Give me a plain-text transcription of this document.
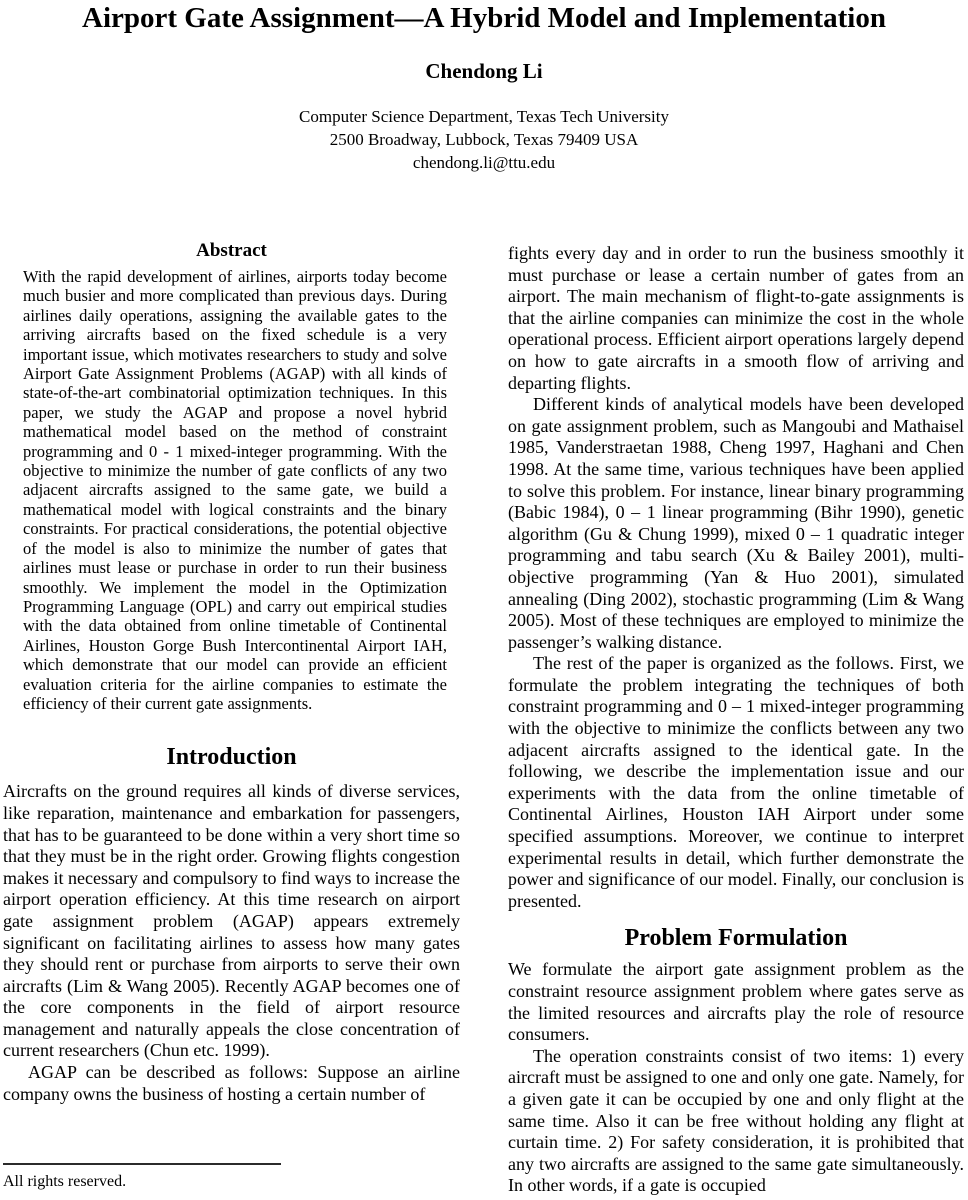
Airport Gate Assignment—A Hybrid Model and Implementation
Chendong Li
Computer Science Department, Texas Tech University
2500 Broadway, Lubbock, Texas 79409 USA
chendong.li@ttu.edu
Abstract
With the rapid development of airlines, airports today become much busier and more complicated than previous days. During airlines daily operations, assigning the available gates to the arriving aircrafts based on the fixed schedule is a very important issue, which motivates researchers to study and solve Airport Gate Assignment Problems (AGAP) with all kinds of state-of-the-art combinatorial optimization techniques. In this paper, we study the AGAP and propose a novel hybrid mathematical model based on the method of constraint programming and 0 - 1 mixed-integer programming. With the objective to minimize the number of gate conflicts of any two adjacent aircrafts assigned to the same gate, we build a mathematical model with logical constraints and the binary constraints. For practical considerations, the potential objective of the model is also to minimize the number of gates that airlines must lease or purchase in order to run their business smoothly. We implement the model in the Optimization Programming Language (OPL) and carry out empirical studies with the data obtained from online timetable of Continental Airlines, Houston Gorge Bush Intercontinental Airport IAH, which demonstrate that our model can provide an efficient evaluation criteria for the airline companies to estimate the efficiency of their current gate assignments.
Introduction

Aircrafts on the ground requires all kinds of diverse services, like reparation, maintenance and embarkation for passengers, that has to be guaranteed to be done within a very short time so that they must be in the right order. Growing flights congestion makes it necessary and compulsory to find ways to increase the airport operation efficiency. At this time research on airport gate assignment problem (AGAP) appears extremely significant on facilitating airlines to assess how many gates they should rent or purchase from airports to serve their own aircrafts (Lim & Wang 2005). Recently AGAP becomes one of the core components in the field of airport resource management and naturally appeals the close concentration of current researchers (Chun etc. 1999).

AGAP can be described as follows: Suppose an airline company owns the business of hosting a certain number of

fights every day and in order to run the business smoothly it must purchase or lease a certain number of gates from an airport. The main mechanism of flight-to-gate assignments is that the airline companies can minimize the cost in the whole operational process. Efficient airport operations largely depend on how to gate aircrafts in a smooth flow of arriving and departing flights.

Different kinds of analytical models have been developed on gate assignment problem, such as Mangoubi and Mathaisel 1985, Vanderstraetan 1988, Cheng 1997, Haghani and Chen 1998. At the same time, various techniques have been applied to solve this problem. For instance, linear binary programming (Babic 1984), 0 – 1 linear programming (Bihr 1990), genetic algorithm (Gu & Chung 1999), mixed 0 – 1 quadratic integer programming and tabu search (Xu & Bailey 2001), multi-objective programming (Yan & Huo 2001), simulated annealing (Ding 2002), stochastic programming (Lim & Wang 2005). Most of these techniques are employed to minimize the passenger’s walking distance.

The rest of the paper is organized as the follows. First, we formulate the problem integrating the techniques of both constraint programming and 0 – 1 mixed-integer programming with the objective to minimize the conflicts between any two adjacent aircrafts assigned to the identical gate. In the following, we describe the implementation issue and our experiments with the data from the online timetable of Continental Airlines, Houston IAH Airport under some specified assumptions. Moreover, we continue to interpret experimental results in detail, which further demonstrate the power and significance of our model. Finally, our conclusion is presented.

Problem Formulation

We formulate the airport gate assignment problem as the constraint resource assignment problem where gates serve as the limited resources and aircrafts play the role of resource consumers.

The operation constraints consist of two items: 1) every aircraft must be assigned to one and only one gate. Namely, for a given gate it can be occupied by one and only flight at the same time. Also it can be free without holding any flight at curtain time. 2) For safety consideration, it is prohibited that any two aircrafts are assigned to the same gate simultaneously. In other words, if a gate is occupied

All rights reserved.
